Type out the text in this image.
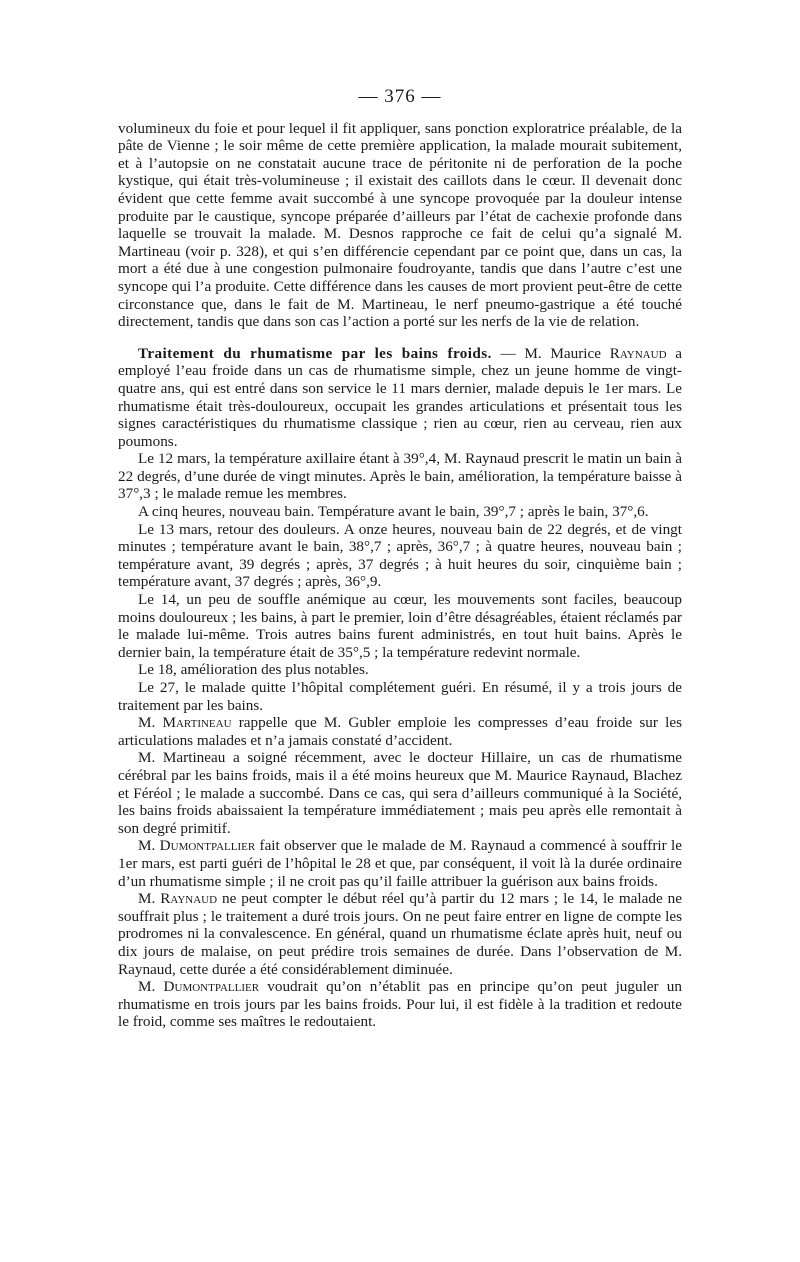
— 376 —

volumineux du foie et pour lequel il fit appliquer, sans ponction exploratrice préalable, de la pâte de Vienne ; le soir même de cette première application, la malade mourait subitement, et à l’autopsie on ne constatait aucune trace de péritonite ni de perforation de la poche kystique, qui était très-volumineuse ; il existait des caillots dans le cœur. Il devenait donc évident que cette femme avait succombé à une syncope provoquée par la douleur intense produite par le caustique, syncope préparée d’ailleurs par l’état de cachexie profonde dans laquelle se trouvait la malade. M. Desnos rapproche ce fait de celui qu’a signalé M. Martineau (voir p. 328), et qui s’en différencie cependant par ce point que, dans un cas, la mort a été due à une congestion pulmonaire foudroyante, tandis que dans l’autre c’est une syncope qui l’a produite. Cette différence dans les causes de mort provient peut-être de cette circonstance que, dans le fait de M. Martineau, le nerf pneumo-gastrique a été touché directement, tandis que dans son cas l’action a porté sur les nerfs de la vie de relation.

Traitement du rhumatisme par les bains froids. — M. Maurice Raynaud a employé l’eau froide dans un cas de rhumatisme simple, chez un jeune homme de vingt-quatre ans, qui est entré dans son service le 11 mars dernier, malade depuis le 1er mars. Le rhumatisme était très-douloureux, occupait les grandes articulations et présentait tous les signes caractéristiques du rhumatisme classique ; rien au cœur, rien au cerveau, rien aux poumons.

Le 12 mars, la température axillaire étant à 39°,4, M. Raynaud prescrit le matin un bain à 22 degrés, d’une durée de vingt minutes. Après le bain, amélioration, la température baisse à 37°,3 ; le malade remue les membres.

A cinq heures, nouveau bain. Température avant le bain, 39°,7 ; après le bain, 37°,6.

Le 13 mars, retour des douleurs. A onze heures, nouveau bain de 22 degrés, et de vingt minutes ; température avant le bain, 38°,7 ; après, 36°,7 ; à quatre heures, nouveau bain ; température avant, 39 degrés ; après, 37 degrés ; à huit heures du soir, cinquième bain ; température avant, 37 degrés ; après, 36°,9.

Le 14, un peu de souffle anémique au cœur, les mouvements sont faciles, beaucoup moins douloureux ; les bains, à part le premier, loin d’être désagréables, étaient réclamés par le malade lui-même. Trois autres bains furent administrés, en tout huit bains. Après le dernier bain, la température était de 35°,5 ; la température redevint normale.

Le 18, amélioration des plus notables.

Le 27, le malade quitte l’hôpital complétement guéri. En résumé, il y a trois jours de traitement par les bains.

M. Martineau rappelle que M. Gubler emploie les compresses d’eau froide sur les articulations malades et n’a jamais constaté d’accident.

M. Martineau a soigné récemment, avec le docteur Hillaire, un cas de rhumatisme cérébral par les bains froids, mais il a été moins heureux que M. Maurice Raynaud, Blachez et Féréol ; le malade a succombé. Dans ce cas, qui sera d’ailleurs communiqué à la Société, les bains froids abaissaient la température immédiatement ; mais peu après elle remontait à son degré primitif.

M. Dumontpallier fait observer que le malade de M. Raynaud a commencé à souffrir le 1er mars, est parti guéri de l’hôpital le 28 et que, par conséquent, il voit là la durée ordinaire d’un rhumatisme simple ; il ne croit pas qu’il faille attribuer la guérison aux bains froids.

M. Raynaud ne peut compter le début réel qu’à partir du 12 mars ; le 14, le malade ne souffrait plus ; le traitement a duré trois jours. On ne peut faire entrer en ligne de compte les prodromes ni la convalescence. En général, quand un rhumatisme éclate après huit, neuf ou dix jours de malaise, on peut prédire trois semaines de durée. Dans l’observation de M. Raynaud, cette durée a été considérablement diminuée.

M. Dumontpallier voudrait qu’on n’établit pas en principe qu’on peut juguler un rhumatisme en trois jours par les bains froids. Pour lui, il est fidèle à la tradition et redoute le froid, comme ses maîtres le redoutaient.
